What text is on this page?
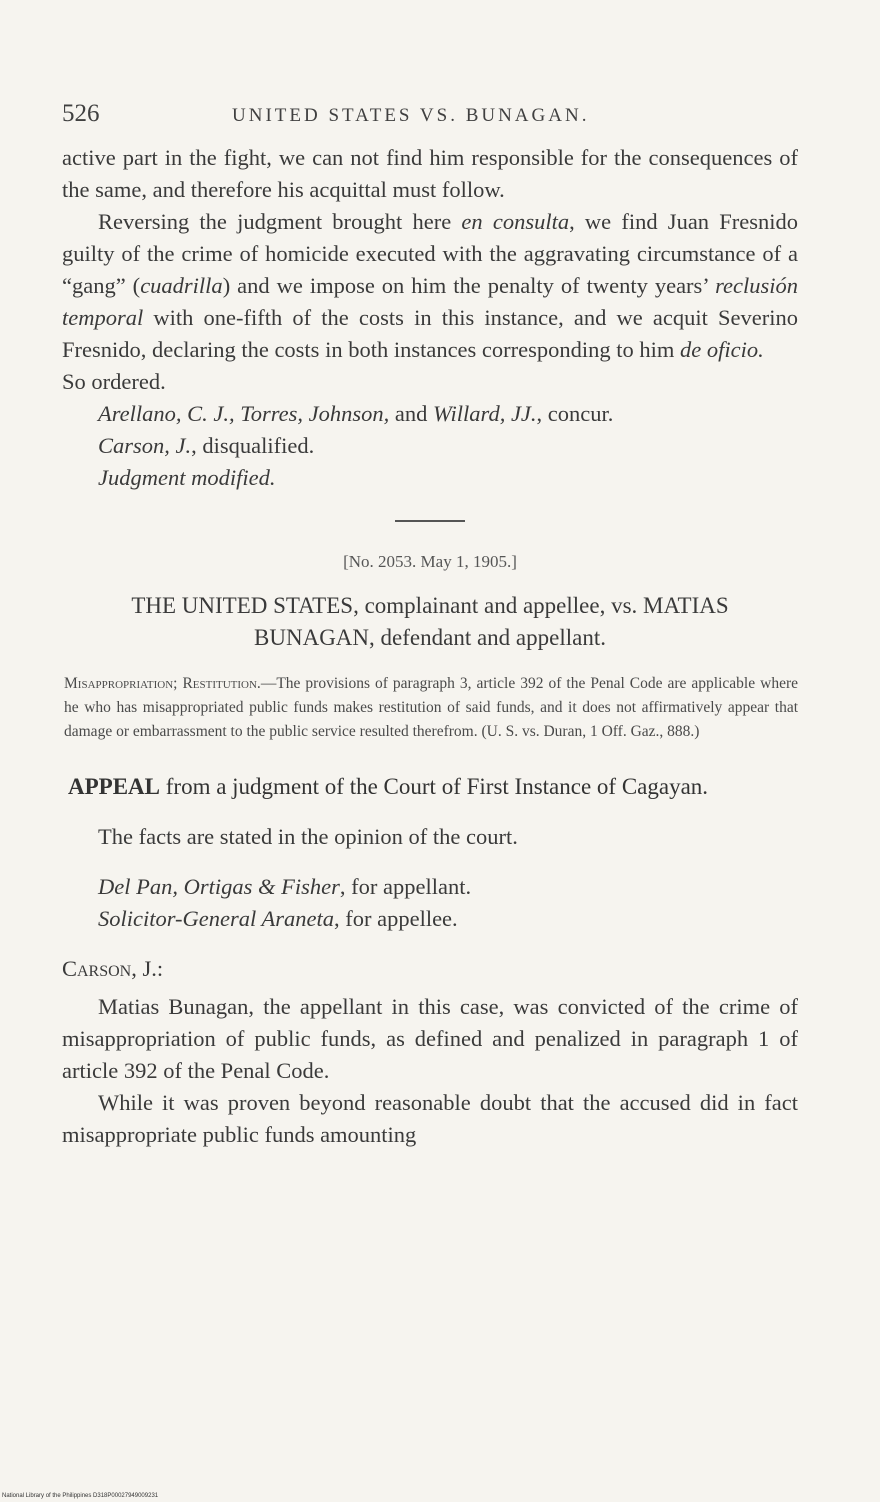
526	UNITED STATES VS. BUNAGAN.

active part in the fight, we can not find him responsible for the consequences of the same, and therefore his acquittal must follow.

Reversing the judgment brought here en consulta, we find Juan Fresnido guilty of the crime of homicide executed with the aggravating circumstance of a “gang” (cuadrilla) and we impose on him the penalty of twenty years’ reclusión temporal with one-fifth of the costs in this instance, and we acquit Severino Fresnido, declaring the costs in both instances corresponding to him de oficio.

So ordered.

Arellano, C. J., Torres, Johnson, and Willard, JJ., concur.

Carson, J., disqualified.

Judgment modified.

[No. 2053. May 1, 1905.]
THE UNITED STATES, complainant and appellee, vs. MATIAS BUNAGAN, defendant and appellant.
Misappropriation; Restitution.—The provisions of paragraph 3, article 392 of the Penal Code are applicable where he who has misappropriated public funds makes restitution of said funds, and it does not affirmatively appear that damage or embarrassment to the public service resulted therefrom. (U. S. vs. Duran, 1 Off. Gaz., 888.)

APPEAL from a judgment of the Court of First Instance of Cagayan.

The facts are stated in the opinion of the court.

Del Pan, Ortigas & Fisher, for appellant.
Solicitor-General Araneta, for appellee.

Carson, J.:

Matias Bunagan, the appellant in this case, was convicted of the crime of misappropriation of public funds, as defined and penalized in paragraph 1 of article 392 of the Penal Code.

While it was proven beyond reasonable doubt that the accused did in fact misappropriate public funds amounting

National Library of the Philippines D318P00027949009231
